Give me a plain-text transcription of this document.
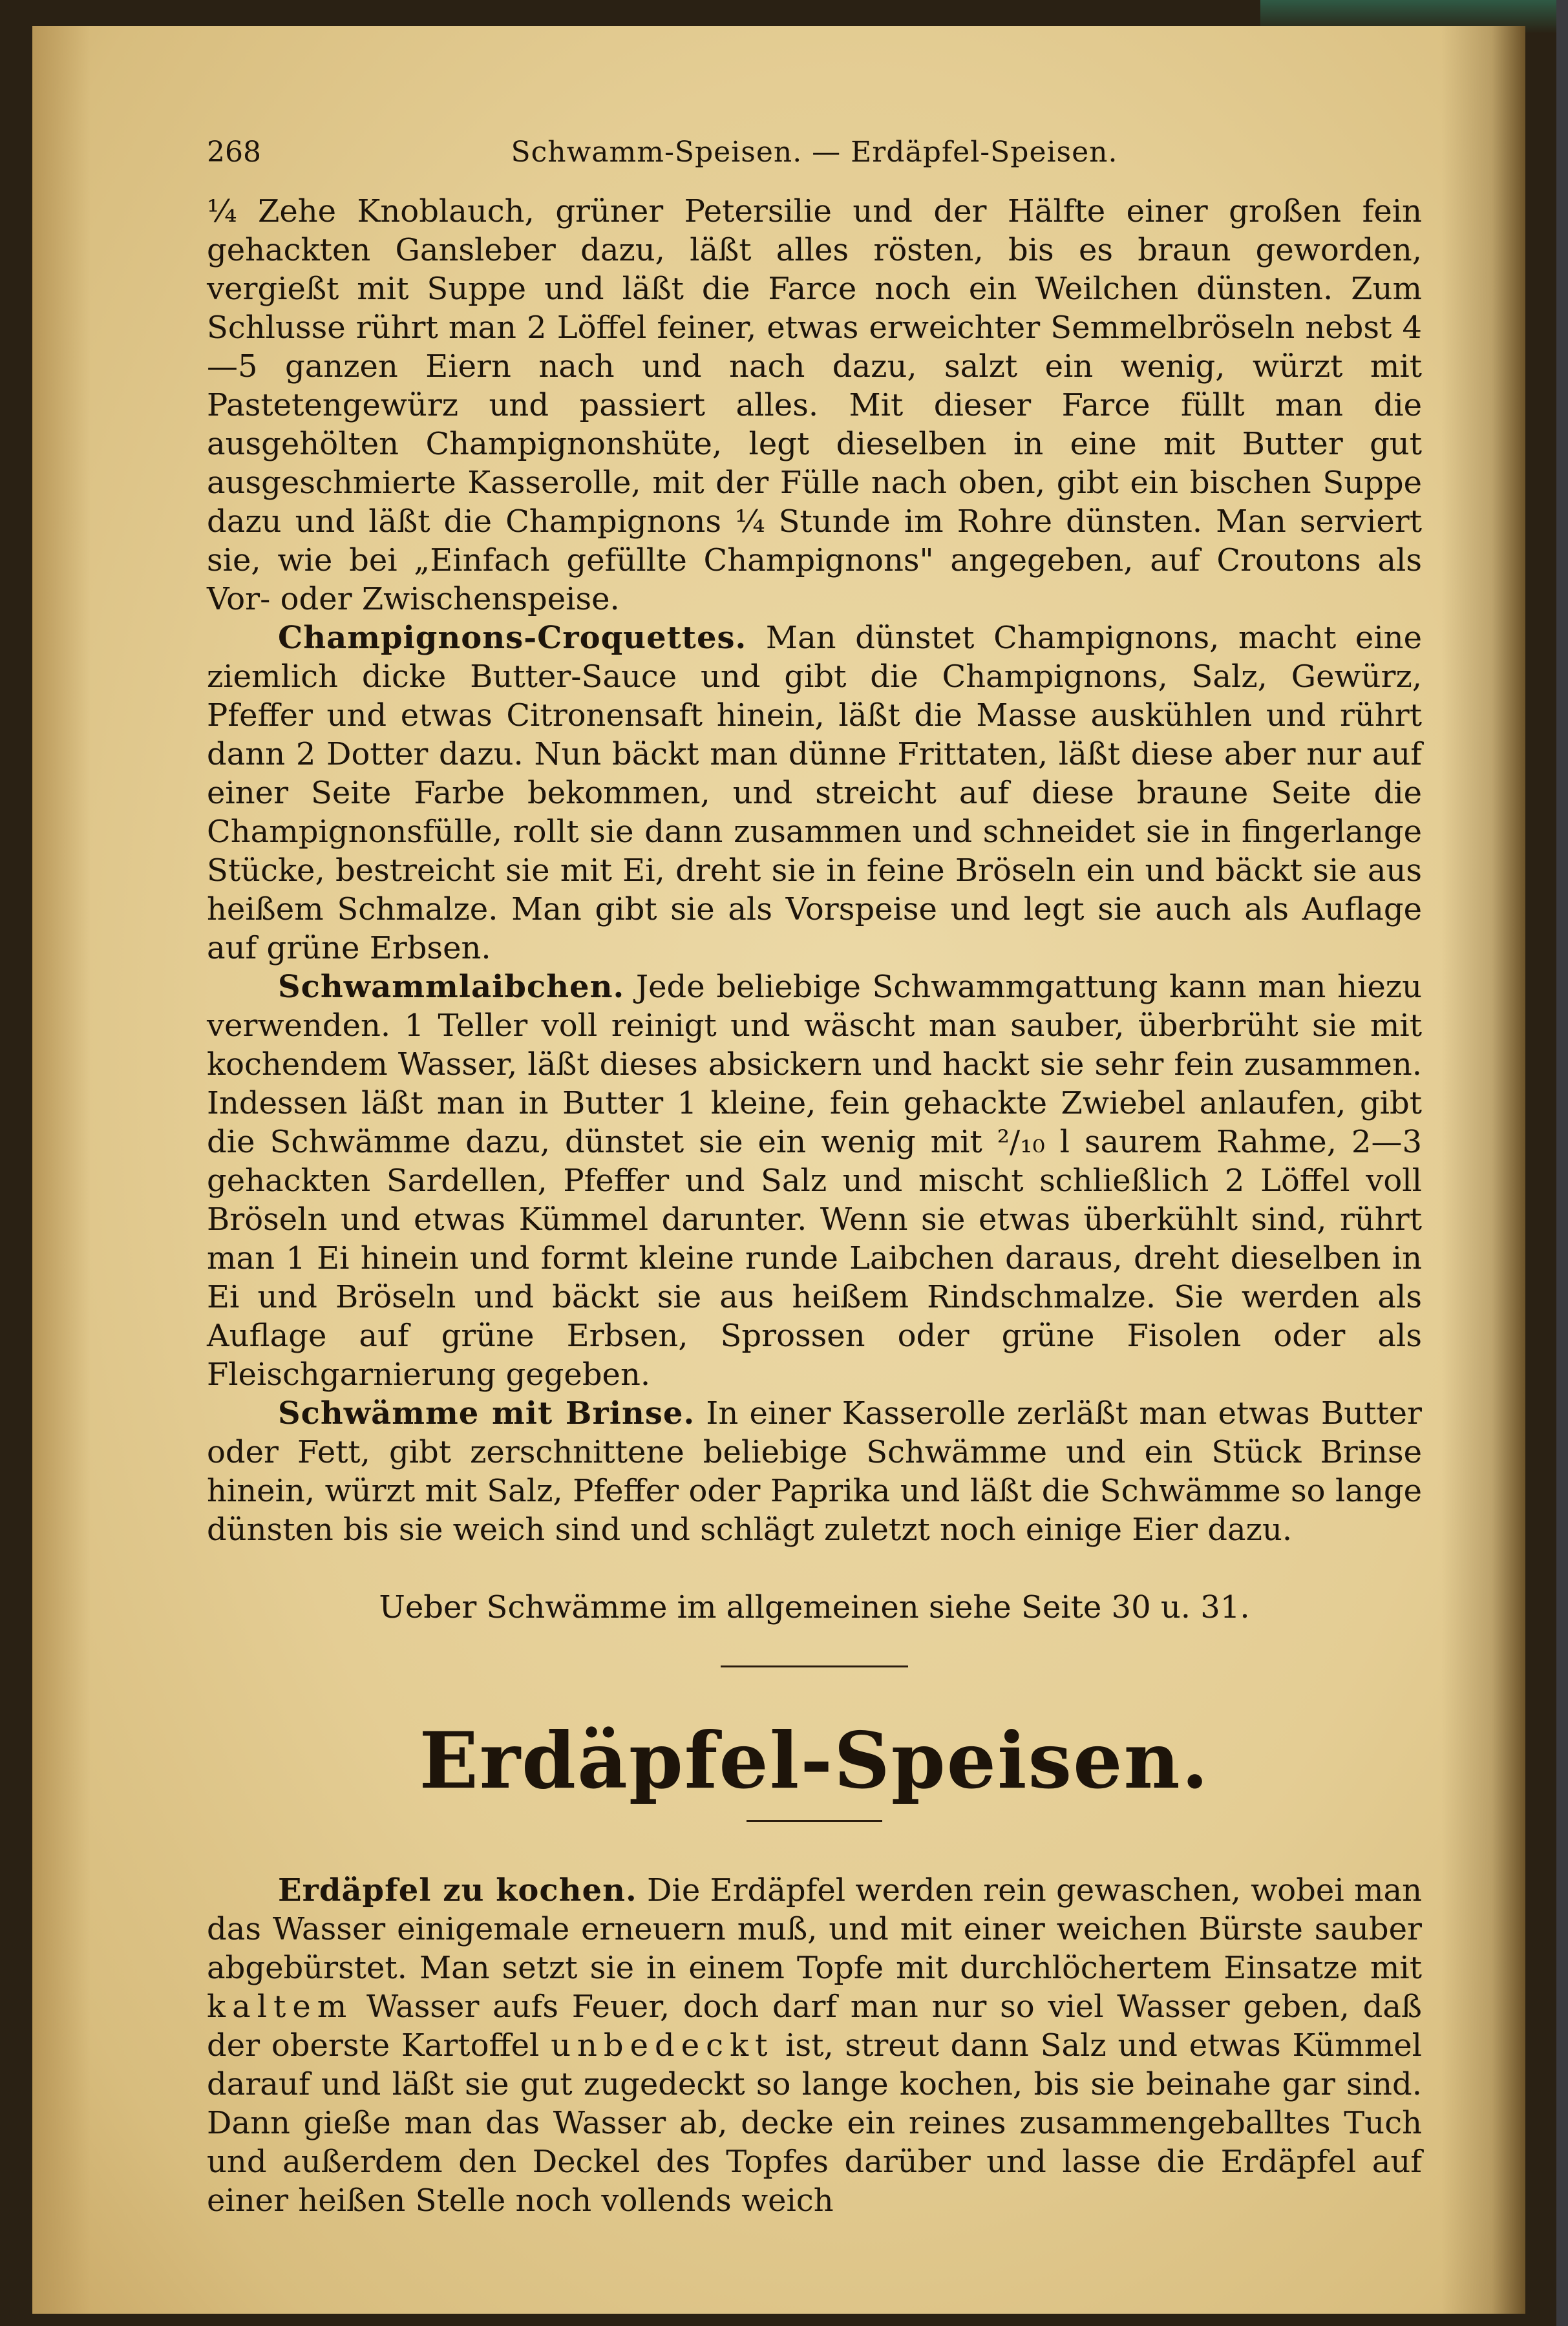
268	Schwamm-Speisen. — Erdäpfel-Speisen.

¼ Zehe Knoblauch, grüner Petersilie und der Hälfte einer großen fein gehackten Gansleber dazu, läßt alles rösten, bis es braun geworden, vergießt mit Suppe und läßt die Farce noch ein Weilchen dünsten. Zum Schlusse rührt man 2 Löffel feiner, etwas erweichter Semmelbröseln nebst 4—5 ganzen Eiern nach und nach dazu, salzt ein wenig, würzt mit Pastetengewürz und passiert alles. Mit dieser Farce füllt man die ausgehölten Champignonshüte, legt dieselben in eine mit Butter gut ausgeschmierte Kasserolle, mit der Fülle nach oben, gibt ein bischen Suppe dazu und läßt die Champignons ¼ Stunde im Rohre dünsten. Man serviert sie, wie bei „Einfach gefüllte Champignons" angegeben, auf Croutons als Vor- oder Zwischenspeise.

Champignons-Croquettes. Man dünstet Champignons, macht eine ziemlich dicke Butter-Sauce und gibt die Champignons, Salz, Gewürz, Pfeffer und etwas Citronensaft hinein, läßt die Masse auskühlen und rührt dann 2 Dotter dazu. Nun bäckt man dünne Frittaten, läßt diese aber nur auf einer Seite Farbe bekommen, und streicht auf diese braune Seite die Champignonsfülle, rollt sie dann zusammen und schneidet sie in fingerlange Stücke, bestreicht sie mit Ei, dreht sie in feine Bröseln ein und bäckt sie aus heißem Schmalze. Man gibt sie als Vorspeise und legt sie auch als Auflage auf grüne Erbsen.

Schwammlaibchen. Jede beliebige Schwammgattung kann man hiezu verwenden. 1 Teller voll reinigt und wäscht man sauber, überbrüht sie mit kochendem Wasser, läßt dieses absickern und hackt sie sehr fein zusammen. Indessen läßt man in Butter 1 kleine, fein gehackte Zwiebel anlaufen, gibt die Schwämme dazu, dünstet sie ein wenig mit ²/₁₀ l saurem Rahme, 2—3 gehackten Sardellen, Pfeffer und Salz und mischt schließlich 2 Löffel voll Bröseln und etwas Kümmel darunter. Wenn sie etwas überkühlt sind, rührt man 1 Ei hinein und formt kleine runde Laibchen daraus, dreht dieselben in Ei und Bröseln und bäckt sie aus heißem Rindschmalze. Sie werden als Auflage auf grüne Erbsen, Sprossen oder grüne Fisolen oder als Fleischgarnierung gegeben.

Schwämme mit Brinse. In einer Kasserolle zerläßt man etwas Butter oder Fett, gibt zerschnittene beliebige Schwämme und ein Stück Brinse hinein, würzt mit Salz, Pfeffer oder Paprika und läßt die Schwämme so lange dünsten bis sie weich sind und schlägt zuletzt noch einige Eier dazu.

Ueber Schwämme im allgemeinen siehe Seite 30 u. 31.
Erdäpfel-Speisen.

Erdäpfel zu kochen. Die Erdäpfel werden rein gewaschen, wobei man das Wasser einigemale erneuern muß, und mit einer weichen Bürste sauber abgebürstet. Man setzt sie in einem Topfe mit durchlöchertem Einsatze mit kaltem Wasser aufs Feuer, doch darf man nur so viel Wasser geben, daß der oberste Kartoffel unbedeckt ist, streut dann Salz und etwas Kümmel darauf und läßt sie gut zugedeckt so lange kochen, bis sie beinahe gar sind. Dann gieße man das Wasser ab, decke ein reines zusammengeballtes Tuch und außerdem den Deckel des Topfes darüber und lasse die Erdäpfel auf einer heißen Stelle noch vollends weich
